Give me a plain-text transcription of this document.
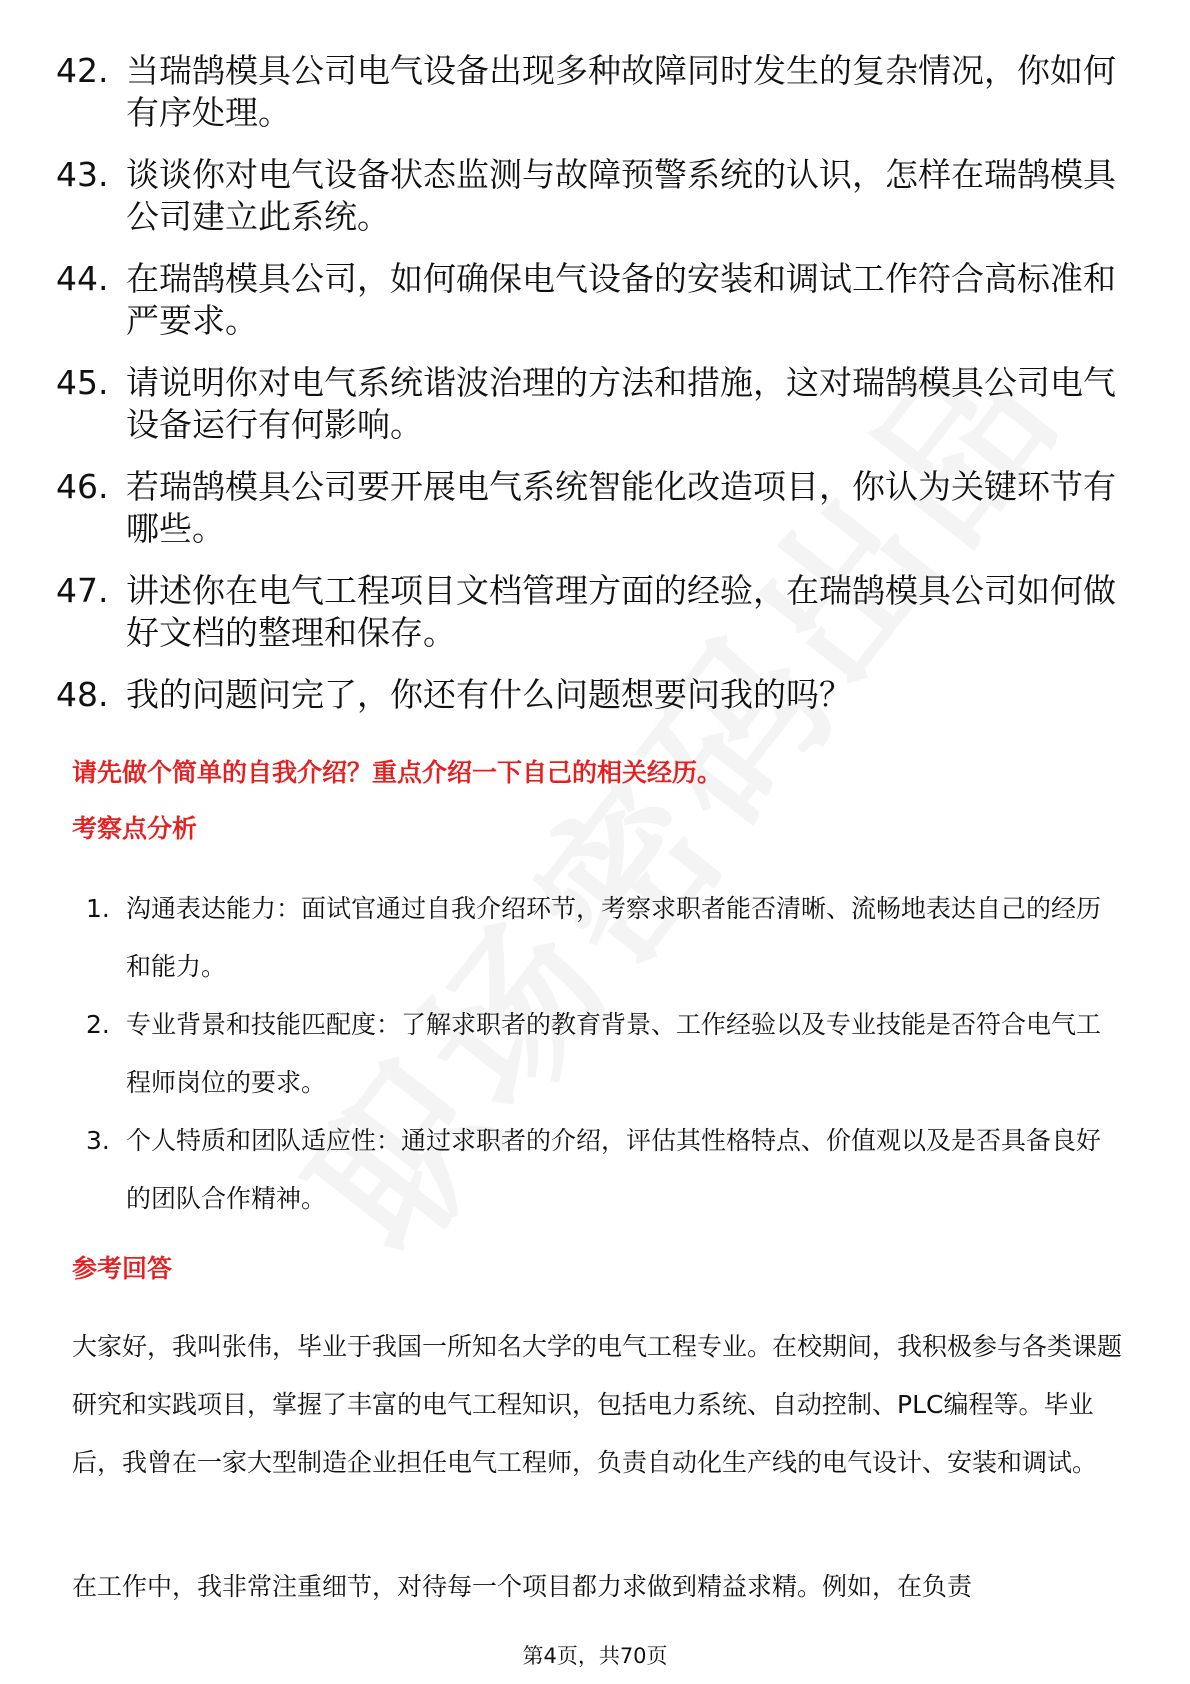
42. 当瑞鹄模具公司电气设备出现多种故障同时发生的复杂情况，你如何有序处理。
43. 谈谈你对电气设备状态监测与故障预警系统的认识，怎样在瑞鹄模具公司建立此系统。
44. 在瑞鹄模具公司，如何确保电气设备的安装和调试工作符合高标准和严要求。
45. 请说明你对电气系统谐波治理的方法和措施，这对瑞鹄模具公司电气设备运行有何影响。
46. 若瑞鹄模具公司要开展电气系统智能化改造项目，你认为关键环节有哪些。
47. 讲述你在电气工程项目文档管理方面的经验，在瑞鹄模具公司如何做好文档的整理和保存。
48. 我的问题问完了，你还有什么问题想要问我的吗？
请先做个简单的自我介绍？重点介绍一下自己的相关经历。
考察点分析
1. 沟通表达能力：面试官通过自我介绍环节，考察求职者能否清晰、流畅地表达自己的经历和能力。
2. 专业背景和技能匹配度：了解求职者的教育背景、工作经验以及专业技能是否符合电气工程师岗位的要求。
3. 个人特质和团队适应性：通过求职者的介绍，评估其性格特点、价值观以及是否具备良好的团队合作精神。
参考回答
大家好，我叫张伟，毕业于我国一所知名大学的电气工程专业。在校期间，我积极参与各类课题研究和实践项目，掌握了丰富的电气工程知识，包括电力系统、自动控制、PLC编程等。毕业后，我曾在一家大型制造企业担任电气工程师，负责自动化生产线的电气设计、安装和调试。
在工作中，我非常注重细节，对待每一个项目都力求做到精益求精。例如，在负责
第4页，共70页
